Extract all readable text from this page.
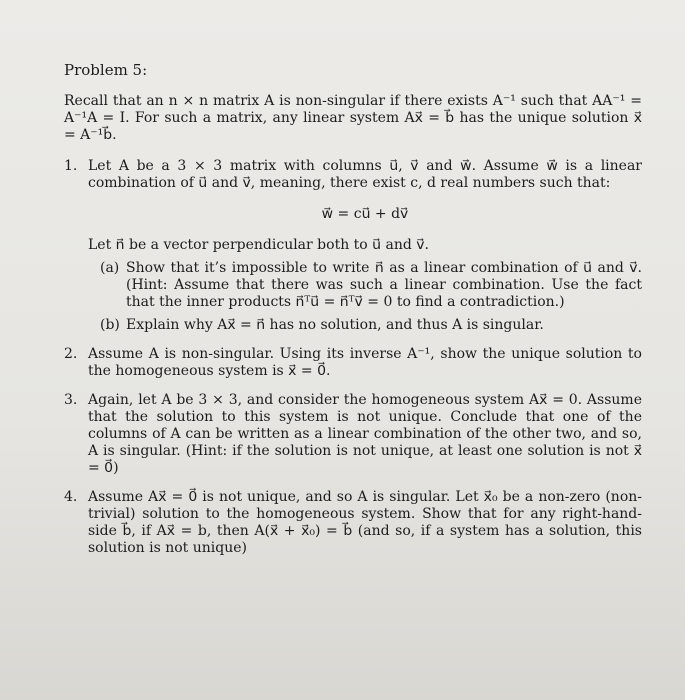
Problem 5:
Recall that an n × n matrix A is non-singular if there exists A⁻¹ such that AA⁻¹ = A⁻¹A = I. For such a matrix, any linear system Ax⃗ = b⃗ has the unique solution x⃗ = A⁻¹b⃗.
1. Let A be a 3 × 3 matrix with columns u⃗, v⃗ and w⃗. Assume w⃗ is a linear combination of u⃗ and v⃗, meaning, there exist c, d real numbers such that:
w⃗ = cu⃗ + dv⃗
Let n⃗ be a vector perpendicular both to u⃗ and v⃗.
(a) Show that it’s impossible to write n⃗ as a linear combination of u⃗ and v⃗. (Hint: Assume that there was such a linear combination. Use the fact that the inner products n⃗ᵀu⃗ = n⃗ᵀv⃗ = 0 to find a contradiction.)
(b) Explain why Ax⃗ = n⃗ has no solution, and thus A is singular.
2. Assume A is non-singular. Using its inverse A⁻¹, show the unique solution to the homogeneous system is x⃗ = 0⃗.
3. Again, let A be 3 × 3, and consider the homogeneous system Ax⃗ = 0. Assume that the solution to this system is not unique. Conclude that one of the columns of A can be written as a linear combination of the other two, and so, A is singular. (Hint: if the solution is not unique, at least one solution is not x⃗ = 0⃗)
4. Assume Ax⃗ = 0⃗ is not unique, and so A is singular. Let x⃗₀ be a non-zero (non-trivial) solution to the homogeneous system. Show that for any right-hand-side b⃗, if Ax⃗ = b, then A(x⃗ + x⃗₀) = b⃗ (and so, if a system has a solution, this solution is not unique)
